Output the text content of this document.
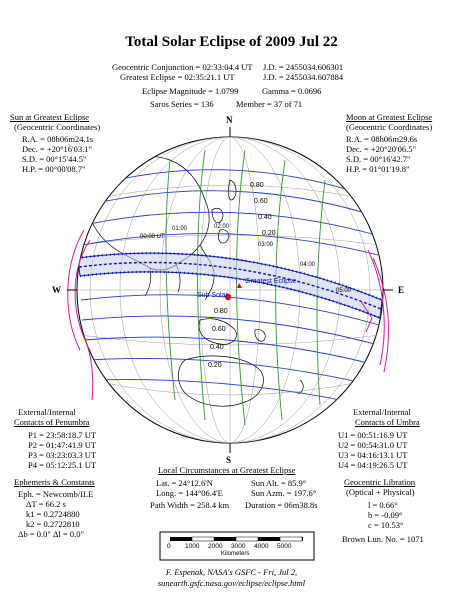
Total Solar Eclipse of 2009 Jul 22
Geocentric Conjunction = 02:33:04.4 UT J.D. = 2455034.606301
Greatest Eclipse = 02:35:21.1 UT	J.D. = 2455034.607884
Eclipse Magnitude = 1.0799	Gamma = 0.0696
Saros Series = 136	Member = 37 of 71
Sun at Greatest Eclipse
(Geocentric Coordinates)
R.A. = 08h06m24.1s
Dec. = +20°16'03.1"
S.D. = 00°15'44.5"
H.P. = 00°00'08.7"
Moon at Greatest Eclipse
(Geocentric Coordinates)
R.A. = 08h06m29.6s
Dec. = +20°20'06.5"
S.D. = 00°16'42.7"
H.P. = 01°01'19.8"
N
S
W	E
Sub Solar
Greatest Eclipse
0.20
0.40
0.60
0.80
0.20
0.40
0.60
0.80
00:00 UT
01:00	02:00
03:00
04:00
05:00
External/Internal
Contacts of Penumbra
P1 = 23:58:18.7 UT
P2 = 01:47:41.9 UT
P3 = 03:23:03.3 UT
P4 = 05:12:25.1 UT
External/Internal
Contacts of Umbra
U1 = 00:51:16.9 UT
U2 = 00:54:31.0 UT
U3 = 04:16:13.1 UT
U4 = 04:19:26.5 UT
Local Circumstances at Greatest Eclipse
Lat. = 24°12.6'N	Sun Alt. = 85.9°
Long. = 144°06.4'E	Sun Azm. = 197.6°
Path Width = 258.4 km Duration = 06m38.8s
Ephemeris & Constants
Eph. = Newcomb/ILE
ΔT = 66.2 s
k1 = 0.2724880
k2 = 0.2722810
Δb = 0.0" Δl = 0.0"
Geocentric Libration
(Optical + Physical)
l = 0.66°
b = -0.09°
c = 10.53°
Brown Lun. No. = 1071
0 1000 2000 3000 4000 5000
Kilometers
F. Espenak, NASA's GSFC - Fri, Jul 2,
sunearth.gsfc.nasa.gov/eclipse/eclipse.html
